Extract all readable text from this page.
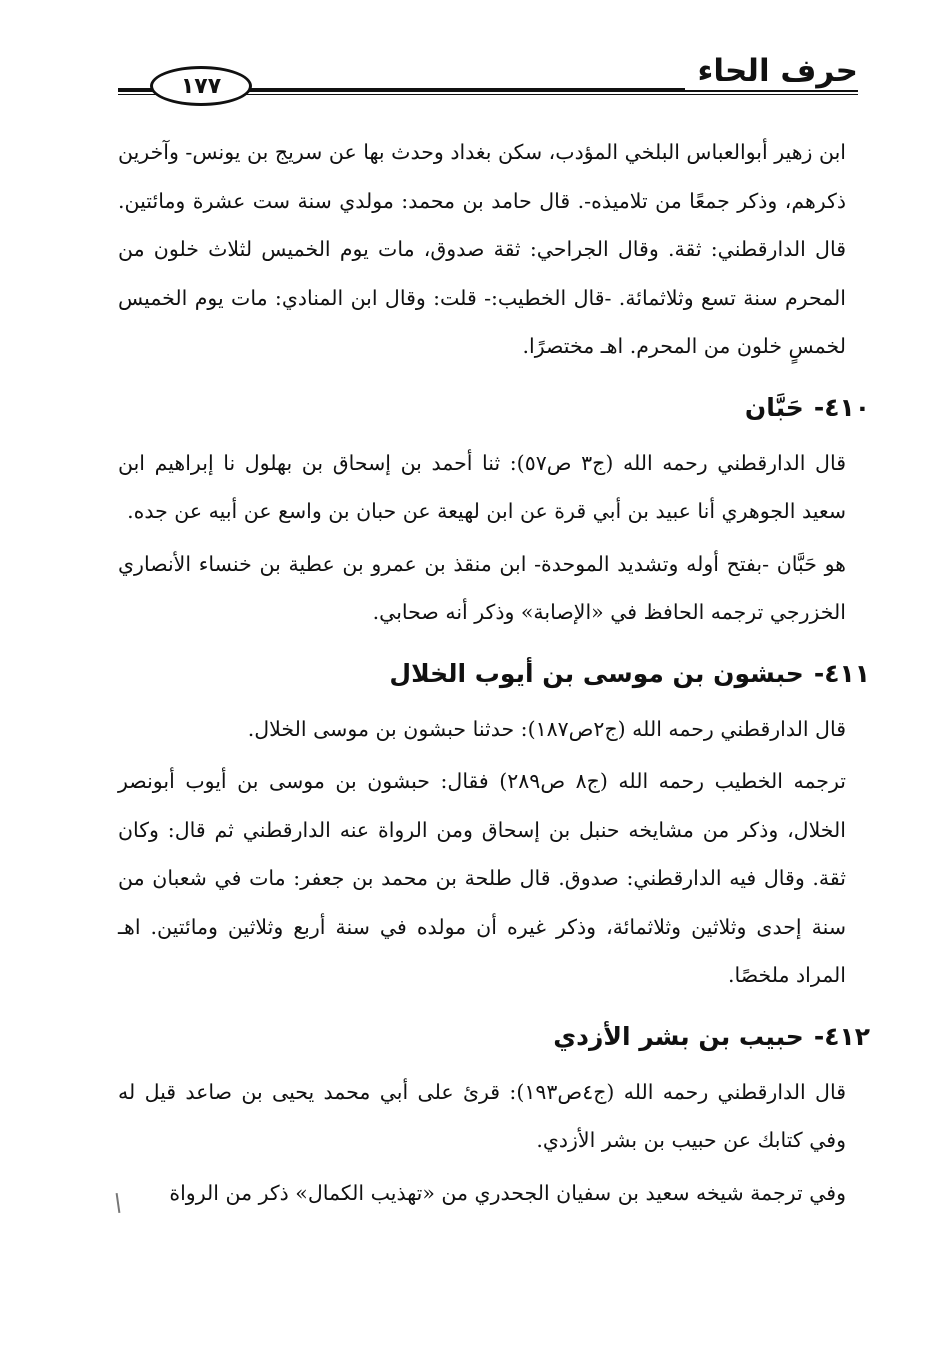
١٧٧	حرف الحاء

ابن زهير أبوالعباس البلخي المؤدب، سكن بغداد وحدث بها عن سريج بن يونس- وآخرين ذكرهم، وذكر جمعًا من تلاميذه-. قال حامد بن محمد: مولدي سنة ست عشرة ومائتين. قال الدارقطني: ثقة. وقال الجراحي: ثقة صدوق، مات يوم الخميس لثلاث خلون من المحرم سنة تسع وثلاثمائة. -قال الخطيب:- قلت: وقال ابن المنادي: مات يوم الخميس لخمسٍ خلون من المحرم. اهـ مختصرًا.

٤١٠-
حَبَّان

قال الدارقطني رحمه الله (ج٣ ص٥٧): ثنا أحمد بن إسحاق بن بهلول نا إبراهيم ابن سعيد الجوهري أنا عبيد بن أبي قرة عن ابن لهيعة عن حبان بن واسع عن أبيه عن جده.

هو حَبَّان -بفتح أوله وتشديد الموحدة- ابن منقذ بن عمرو بن عطية بن خنساء الأنصاري الخزرجي ترجمه الحافظ في «الإصابة» وذكر أنه صحابي.

٤١١-
حبشون بن موسى بن أيوب الخلال

قال الدارقطني رحمه الله (ج٢ص١٨٧): حدثنا حبشون بن موسى الخلال.

ترجمه الخطيب رحمه الله (ج٨ ص٢٨٩) فقال: حبشون بن موسى بن أيوب أبونصر الخلال، وذكر من مشايخه حنبل بن إسحاق ومن الرواة عنه الدارقطني ثم قال: وكان ثقة. وقال فيه الدارقطني: صدوق. قال طلحة بن محمد بن جعفر: مات في شعبان من سنة إحدى وثلاثين وثلاثمائة، وذكر غيره أن مولده في سنة أربع وثلاثين ومائتين. اهـ المراد ملخصًا.

٤١٢-
حبيب بن بشر الأزدي

قال الدارقطني رحمه الله (ج٤ص١٩٣): قرئ على أبي محمد يحيى بن صاعد قيل له وفي كتابك عن حبيب بن بشر الأزدي.

وفي ترجمة شيخه سعيد بن سفيان الجحدري من «تهذيب الكمال» ذكر من الرواة
